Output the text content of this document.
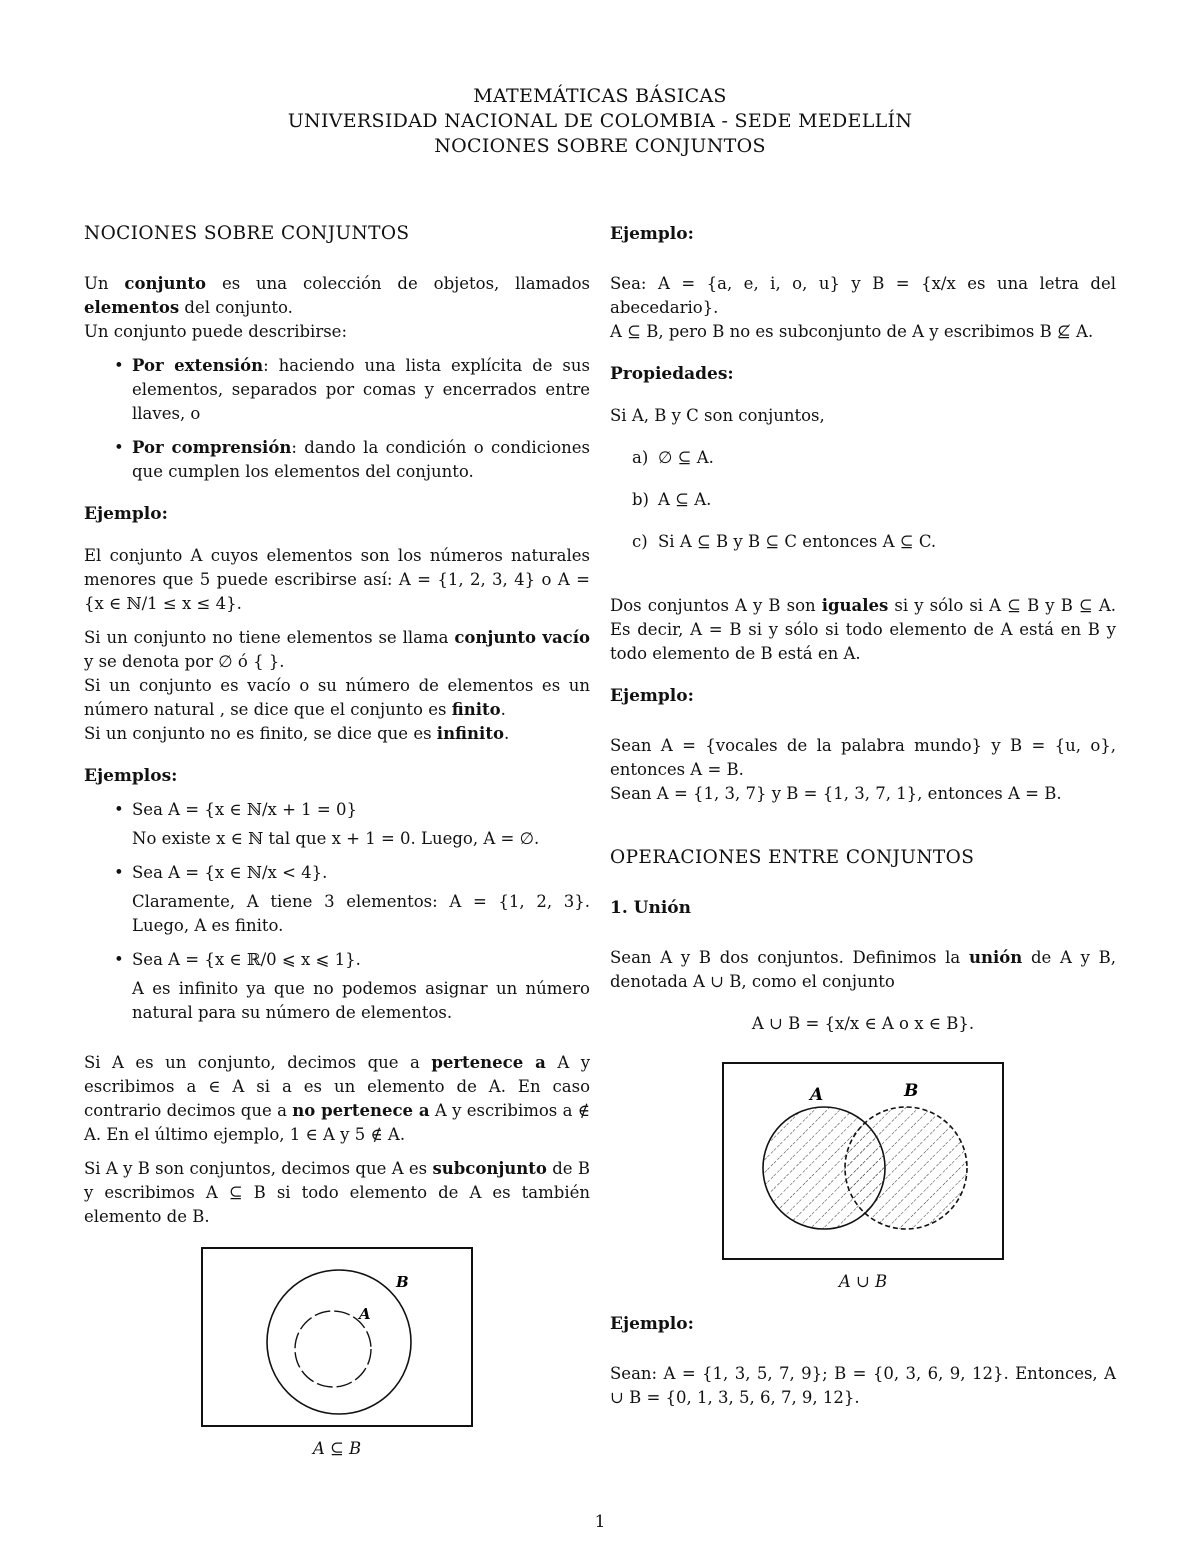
MATEMÁTICAS BÁSICAS
UNIVERSIDAD NACIONAL DE COLOMBIA - SEDE MEDELLÍN
NOCIONES SOBRE CONJUNTOS
NOCIONES SOBRE CONJUNTOS

Un conjunto es una colección de objetos, llamados elementos del conjunto.

Un conjunto puede describirse:

• Por extensión: haciendo una lista explícita de sus elementos, separados por comas y encerrados entre llaves, o
• Por comprensión: dando la condición o condiciones que cumplen los elementos del conjunto.
Ejemplo:

El conjunto A cuyos elementos son los números naturales menores que 5 puede escribirse así: A = {1, 2, 3, 4} o A = {x ∈ ℕ/1 ≤ x ≤ 4}.

Si un conjunto no tiene elementos se llama conjunto vacío y se denota por ∅ ó { }.

Si un conjunto es vacío o su número de elementos es un número natural , se dice que el conjunto es finito.

Si un conjunto no es finito, se dice que es infinito.

Ejemplos:
• Sea A = {x ∈ ℕ/x + 1 = 0}
No existe x ∈ ℕ tal que x + 1 = 0. Luego, A = ∅.
• Sea A = {x ∈ ℕ/x < 4}.
Claramente, A tiene 3 elementos: A = {1, 2, 3}. Luego, A es finito.
• Sea A = {x ∈ ℝ/0 ⩽ x ⩽ 1}.
A es infinito ya que no podemos asignar un número natural para su número de elementos.

Si A es un conjunto, decimos que a pertenece a A y escribimos a ∈ A si a es un elemento de A. En caso contrario decimos que a no pertenece a A y escribimos a ∉ A. En el último ejemplo, 1 ∈ A y 5 ∉ A.

Si A y B son conjuntos, decimos que A es subconjunto de B y escribimos A ⊆ B si todo elemento de A es también elemento de B.

B
A
A ⊆ B
Ejemplo:

Sea: A = {a, e, i, o, u} y B = {x/x es una letra del abecedario}.

A ⊆ B, pero B no es subconjunto de A y escribimos B ⊈ A.

Propiedades:

Si A, B y C son conjuntos,

a) ∅ ⊆ A.
b) A ⊆ A.
c) Si A ⊆ B y B ⊆ C entonces A ⊆ C.

Dos conjuntos A y B son iguales si y sólo si A ⊆ B y B ⊆ A. Es decir, A = B si y sólo si todo elemento de A está en B y todo elemento de B está en A.

Ejemplo:

Sean A = {vocales de la palabra mundo} y B = {u, o}, entonces A = B.

Sean A = {1, 3, 7} y B = {1, 3, 7, 1}, entonces A = B.

OPERACIONES ENTRE CONJUNTOS
1. Unión

Sean A y B dos conjuntos. Definimos la unión de A y B, denotada A ∪ B, como el conjunto

A ∪ B = {x/x ∈ A o x ∈ B}.
A	B
A ∪ B
Ejemplo:

Sean: A = {1, 3, 5, 7, 9}; B = {0, 3, 6, 9, 12}. Entonces, A ∪ B = {0, 1, 3, 5, 6, 7, 9, 12}.

1
